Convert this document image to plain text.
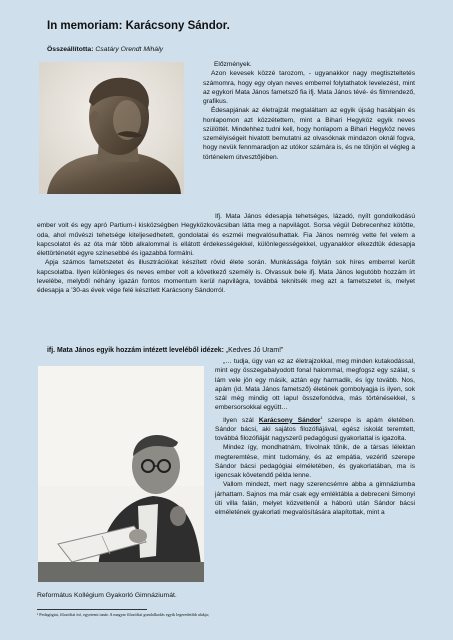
In memoriam: Karácsony Sándor.
Összeállította: Csatáry Orendt Mihály

Előzmények.

Azon kevesek közzé tarozom, - ugyanakkor nagy megtiszteltetés számomra, hogy egy olyan neves emberrel folytathatok levelezést, mint az egykori Mata János fametsző fia ifj. Mata János tévé- és filmrendező, grafikus.

Édesapjának az életrajzát megtaláltam az egyik újság hasábjain és honlapomon azt közzétettem, mint a Bihari Hegyköz egyik neves szülöttét. Mindehhez tudni kell, hogy honlapom a Bihari Hegyköz neves személyiségeit hivatott bemutatni az olvasóknak mindazon oknál fogva, hogy nevük fennmaradjon az utókor számára is, és ne tűnjön el végleg a történelem útvesztőjében.

Ifj. Mata János édesapja tehetséges, lázadó, nyílt gondolkodású ember volt és egy apró Partium-i kisközségben Hegyközkovácsiban látta meg a napvilágot. Sorsa végül Debrecenhez kötötte, oda, ahol művészi tehetsége kiteljesedhetett, gondolatai és eszméi megvalósulhattak. Fia János nemrég vette fel velem a kapcsolatot és az óta már több alkalommal is ellátott érdekességekkel, különlegességekkel, ugyanakkor elkezdtük édesapja élettörténetét egyre színesebbé és igazabbá formálni.

Apja számos fametszetet és illusztrációkat készített rövid élete során. Munkássága folytán sok híres emberrel került kapcsolatba. Ilyen különleges és neves ember volt a következő személy is. Olvassuk bele ifj. Mata János legutóbb hozzám írt levelébe, melyből néhány igazán fontos momentum kerül napvilágra, továbbá teknitsék meg azt a fametszetet is, melyet édesapja a ’30-as évek vége felé készített Karácsony Sándorról.

ifj. Mata János egyik hozzám intézett leveléből idézek: „Kedves Jó Uram!”

„… tudja, úgy van ez az életrajzokkal, meg minden kutakodással, mint egy összegabalyodott fonal halommal, megfogsz egy szálat, s lám vele jön egy másik, aztán egy harmadik, és így tovább. Nos, apám (id. Mata János fametsző) életének gombolyagja is ilyen, sok szál még mindig ott lapul összefonódva, más történésekkel, s embersorsokkal együtt…

Ilyen szál Karácsony Sándor$^1$ szerepe is apám életében. Sándor bácsi, aki sajátos filozófiájával, egész iskolát teremtett, továbbá filozófiáját nagyszerű pedagógusi gyakorlattal is igazolta.

Mindez így, mondhatnám, frivolnak tűnik, de a társas lélektan megteremtése, mint tudomány, és az empátia, vezérlő szerepe Sándor bácsi pedagógiai elméletében, és gyakorlatában, ma is igencsak követendő példa lenne.

Vallom mindezt, mert nagy szerencsémre abba a gimnáziumba járhattam. Sajnos ma már csak egy emléktábla a debreceni Simonyi úti villa falán, melyet közvetlenül a háború után Sándor bácsi elméletének gyakorlati megvalósítására alapítottak, mint a

Református Kollégium Gyakorló Gimnáziumát.
¹ Pedagógiai, filozófiai író, egyetemi tanár. A magyar filozófiai gondolkodás egyik legeredetibb alakja;
